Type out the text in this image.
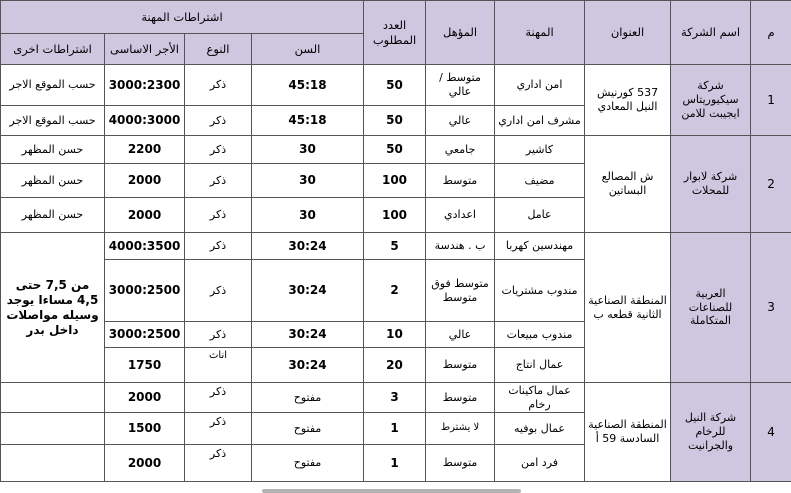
م	اسم الشركة	العنوان	المهنة	المؤهل	العدد المطلوب	اشتراطات المهنة			
						السن	النوع	الأجر الاساسى	اشتراطات اخرى
1	شركة سيكيوريتاس ايجيبت للامن	537 كورنيش النيل المعادي	امن اداري	متوسط / عالي	50	45:18	ذكر	3000:2300	حسب الموقع الاجر
			مشرف امن اداري	عالي	50	45:18	ذكر	4000:3000	حسب الموقع الاجر
2	شركة لابوار للمحلات	ش المصالع البساتين	كاشير	جامعي	50	30	ذكر	2200	حسن المظهر
			مضيف	متوسط	100	30	ذكر	2000	حسن المظهر
			عامل	اعدادي	100	30	ذكر	2000	حسن المظهر
3	العربية للصناعات المتكاملة	المنطقة الصناعية الثانية قطعه ب	مهندسين كهربا	ب . هندسة	5	30:24	ذكر	4000:3500	من 7,5 حتى 4,5 مساءا يوجد وسيله مواصلات داخل بدر
			مندوب مشتريات	متوسط فوق متوسط	2	30:24	ذكر	3000:2500	
			مندوب مبيعات	عالي	10	30:24	ذكر	3000:2500	
			عمال انتاج	متوسط	20	30:24	اناث	1750	
4	شركة النيل للرخام والجرانيت	المنطقة الصناعية السادسة 59 أ	عمال ماكينات رخام	متوسط	3	مفتوح	ذكر	2000	
			عمال بوفيه	لا يشترط	1	مفتوح	ذكر	1500	
			فرد امن	متوسط	1	مفتوح	ذكر	2000	
